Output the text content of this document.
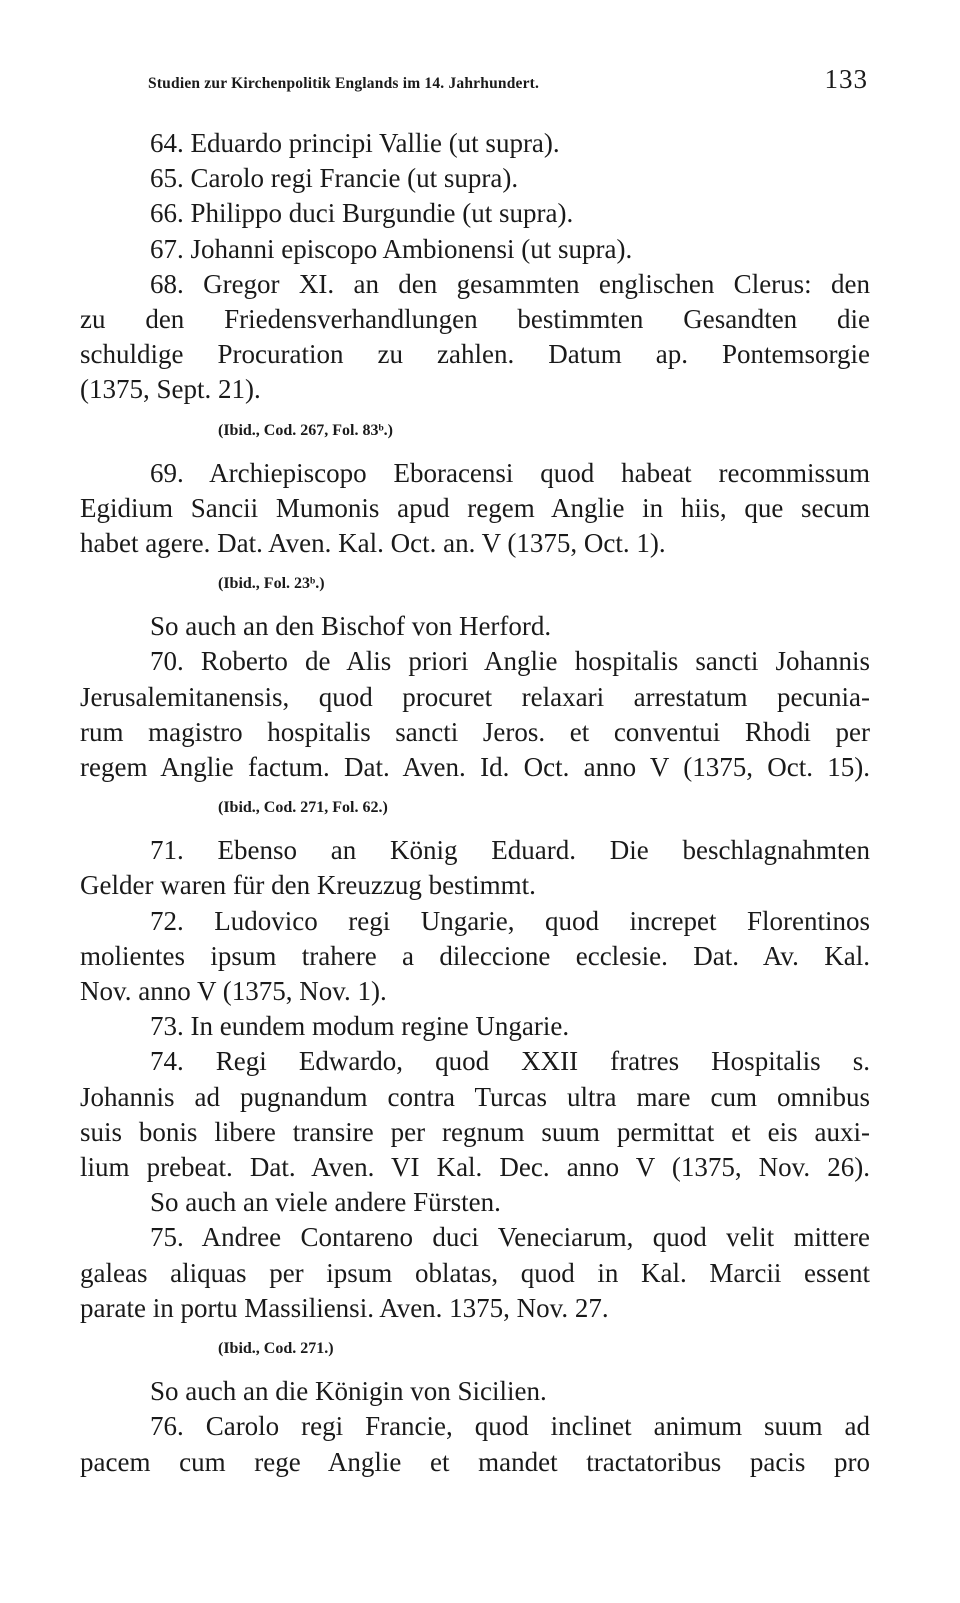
Studien zur Kirchenpolitik Englands im 14. Jahrhundert.	133

64. Eduardo principi Vallie (ut supra).

65. Carolo regi Francie (ut supra).

66. Philippo duci Burgundie (ut supra).

67. Johanni episcopo Ambionensi (ut supra).

68. Gregor XI. an den gesammten englischen Clerus: den

zu den Friedensverhandlungen bestimmten Gesandten die

schuldige Procuration zu zahlen. Datum ap. Pontemsorgie

(1375, Sept. 21).

(Ibid., Cod. 267, Fol. 83ᵇ.)

69. Archiepiscopo Eboracensi quod habeat recommissum

Egidium Sancii Mumonis apud regem Anglie in hiis, que secum

habet agere. Dat. Aven. Kal. Oct. an. V (1375, Oct. 1).

(Ibid., Fol. 23ᵇ.)

So auch an den Bischof von Herford.

70. Roberto de Alis priori Anglie hospitalis sancti Johannis

Jerusalemitanensis, quod procuret relaxari arrestatum pecunia-

rum magistro hospitalis sancti Jeros. et conventui Rhodi per

regem Anglie factum. Dat. Aven. Id. Oct. anno V (1375, Oct. 15).

(Ibid., Cod. 271, Fol. 62.)

71. Ebenso an König Eduard. Die beschlagnahmten

Gelder waren für den Kreuzzug bestimmt.

72. Ludovico regi Ungarie, quod increpet Florentinos

molientes ipsum trahere a dileccione ecclesie. Dat. Av. Kal.

Nov. anno V (1375, Nov. 1).

73. In eundem modum regine Ungarie.

74. Regi Edwardo, quod XXII fratres Hospitalis s.

Johannis ad pugnandum contra Turcas ultra mare cum omnibus

suis bonis libere transire per regnum suum permittat et eis auxi-

lium prebeat. Dat. Aven. VI Kal. Dec. anno V (1375, Nov. 26).

So auch an viele andere Fürsten.

75. Andree Contareno duci Veneciarum, quod velit mittere

galeas aliquas per ipsum oblatas, quod in Kal. Marcii essent

parate in portu Massiliensi. Aven. 1375, Nov. 27.

(Ibid., Cod. 271.)

So auch an die Königin von Sicilien.

76. Carolo regi Francie, quod inclinet animum suum ad

pacem cum rege Anglie et mandet tractatoribus pacis pro
